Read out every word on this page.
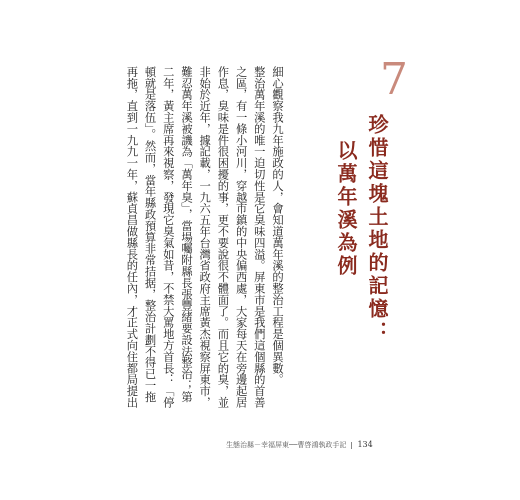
7
珍惜這塊土地的記憶：
以萬年溪為例

細心觀察我九年施政的人，會知道萬年溪的整治工程是個異數。

整治萬年溪的唯一迫切性是它臭味四溢。屏東市是我們這個縣的首善之區，有一條小河川，穿越市鎮的中央偏西處，大家每天在旁邊起居作息，臭味是件很困擾的事，更不要說很不體面了。而且它的臭，並非始於近年，據記載，一九六五年台灣省政府主席黃杰視察屏東市，難忍萬年溪被譏為「萬年臭」，當場囑附縣長張豐緒要設法整治；第二年，黃主席再來視察，發現它臭氣如昔，不禁大罵地方首長：「停頓就是落伍」。然而，當年縣政預算非常拮据，整治計劃不得已一拖再拖，直到一九九一年，蘇貞昌做縣長的任內，才正式向住都局提出

生態治縣－幸福屏東──曹啓鴻執政手記 134
